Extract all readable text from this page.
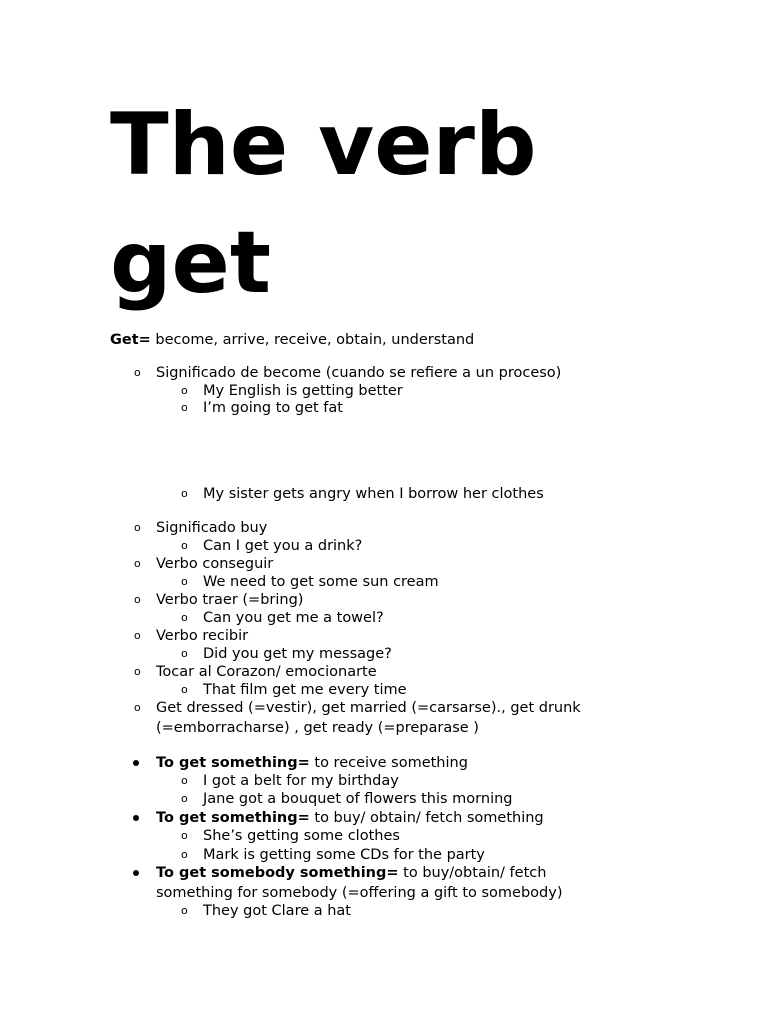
The verb
get
Get= become, arrive, receive, obtain, understand
o Significado de become (cuando se refiere a un proceso)
o My English is getting better
o I’m going to get fat
o My sister gets angry when I borrow her clothes
o Significado buy
o Can I get you a drink?
o Verbo conseguir
o We need to get some sun cream
o Verbo traer (=bring)
o Can you get me a towel?
o Verbo recibir
o Did you get my message?
o Tocar al Corazon/ emocionarte
o That film get me every time
o Get dressed (=vestir), get married (=carsarse)., get drunk
(=emborracharse) , get ready (=preparase )
To get something= to receive something
o I got a belt for my birthday
o Jane got a bouquet of flowers this morning
To get something= to buy/ obtain/ fetch something
o She’s getting some clothes
o Mark is getting some CDs for the party
To get somebody something= to buy/obtain/ fetch
something for somebody (=offering a gift to somebody)
o They got Clare a hat
